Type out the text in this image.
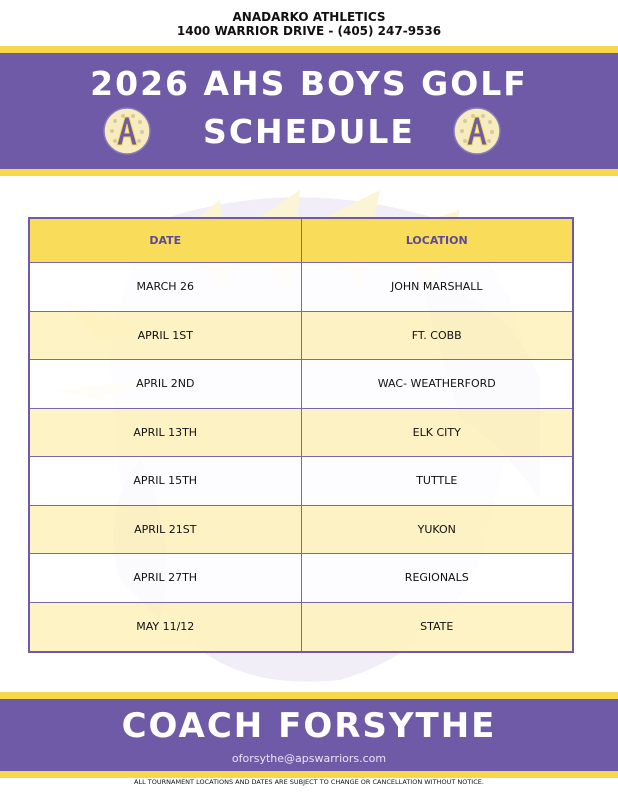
ANADARKO ATHLETICS
1400 WARRIOR DRIVE - (405) 247-9536
2026 AHS BOYS GOLF
SCHEDULE
DATE	LOCATION
MARCH 26	JOHN MARSHALL
APRIL 1ST	FT. COBB
APRIL 2ND	WAC- WEATHERFORD
APRIL 13TH	ELK CITY
APRIL 15TH	TUTTLE
APRIL 21ST	YUKON
APRIL 27TH	REGIONALS
MAY 11/12	STATE
COACH FORSYTHE
oforsythe@apswarriors.com
ALL TOURNAMENT LOCATIONS AND DATES ARE SUBJECT TO CHANGE OR CANCELLATION WITHOUT NOTICE.
